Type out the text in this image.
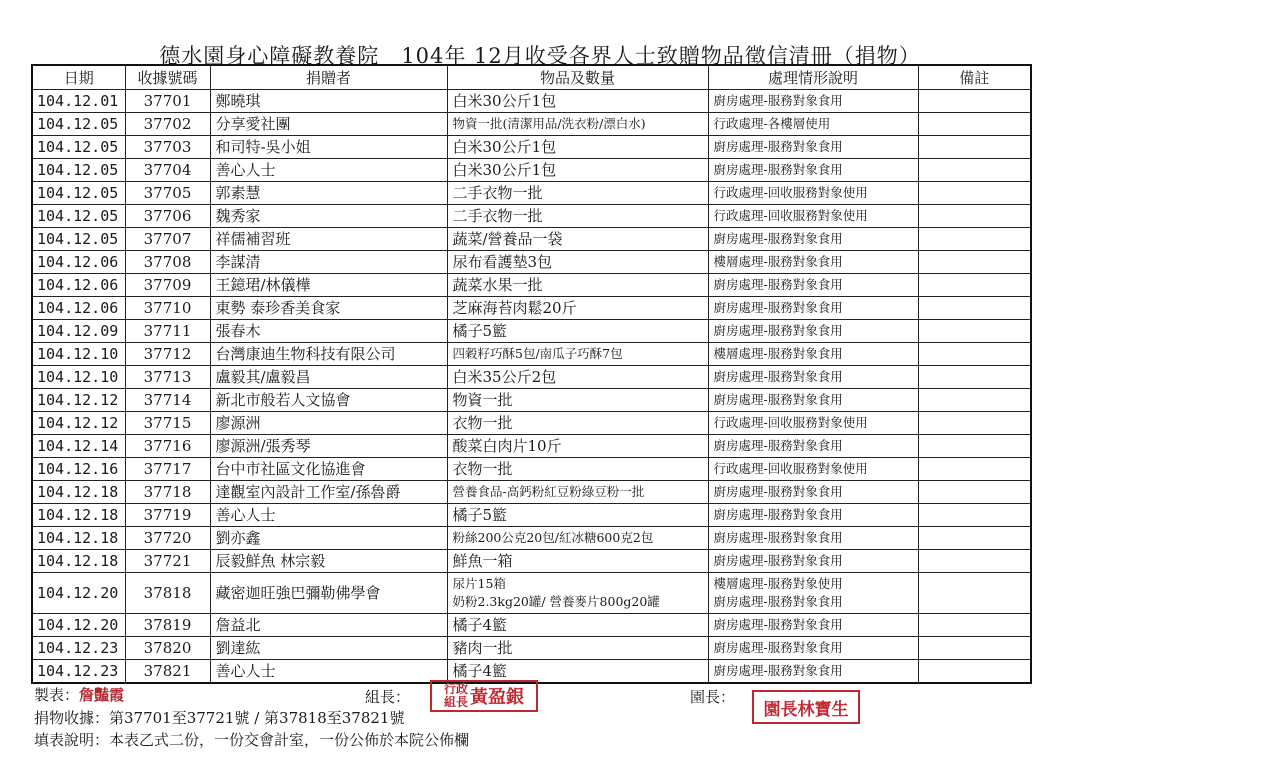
德水園身心障礙教養院　104年 12月收受各界人士致贈物品徵信清冊（捐物）
日期	收據號碼	捐贈者	物品及數量	處理情形說明	備註
104.12.01	37701	鄭曉琪	白米30公斤1包	廚房處理-服務對象食用	

104.12.05	37702	分享愛社團	物資一批(清潔用品/洗衣粉/漂白水)	行政處理-各樓層使用	

104.12.05	37703	和司特-吳小姐	白米30公斤1包	廚房處理-服務對象食用	

104.12.05	37704	善心人士	白米30公斤1包	廚房處理-服務對象食用	

104.12.05	37705	郭素慧	二手衣物一批	行政處理-回收服務對象使用	

104.12.05	37706	魏秀家	二手衣物一批	行政處理-回收服務對象使用	

104.12.05	37707	祥儒補習班	蔬菜/營養品一袋	廚房處理-服務對象食用	

104.12.06	37708	李謀清	尿布看護墊3包	樓層處理-服務對象食用	

104.12.06	37709	王鐿珺/林儀樺	蔬菜水果一批	廚房處理-服務對象食用	

104.12.06	37710	東勢 泰珍香美食家	芝麻海苔肉鬆20斤	廚房處理-服務對象食用	

104.12.09	37711	張春木	橘子5籃	廚房處理-服務對象食用	

104.12.10	37712	台灣康迪生物科技有限公司	四穀籽巧酥5包/南瓜子巧酥7包	樓層處理-服務對象食用	

104.12.10	37713	盧毅其/盧毅昌	白米35公斤2包	廚房處理-服務對象食用	

104.12.12	37714	新北市般若人文協會	物資一批	廚房處理-服務對象食用	

104.12.12	37715	廖源洲	衣物一批	行政處理-回收服務對象使用	

104.12.14	37716	廖源洲/張秀琴	酸菜白肉片10斤	廚房處理-服務對象食用	

104.12.16	37717	台中市社區文化協進會	衣物一批	行政處理-回收服務對象使用	

104.12.18	37718	達觀室內設計工作室/孫魯爵	營養食品-高鈣粉紅豆粉綠豆粉一批	廚房處理-服務對象食用	

104.12.18	37719	善心人士	橘子5籃	廚房處理-服務對象食用	

104.12.18	37720	劉亦鑫	粉絲200公克20包/紅冰糖600克2包	廚房處理-服務對象食用	

104.12.18	37721	辰毅鮮魚 林宗毅	鮮魚一箱	廚房處理-服務對象食用	

104.12.20	37818	藏密迦旺強巴彌勒佛學會	尿片15箱
奶粉2.3kg20罐/ 營養麥片800g20罐	樓層處理-服務對象使用
廚房處理-服務對象食用	

104.12.20	37819	詹益北	橘子4籃	廚房處理-服務對象食用	

104.12.23	37820	劉達紘	豬肉一批	廚房處理-服務對象食用	

104.12.23	37821	善心人士	橘子4籃	廚房處理-服務對象食用	

製表：詹豔霞	組長：	行政
組長 黃盈銀	園長：
園長林寶生
捐物收據：第37701至37721號 / 第37818至37821號
填表說明：本表乙式二份，一份交會計室，一份公佈於本院公佈欄
